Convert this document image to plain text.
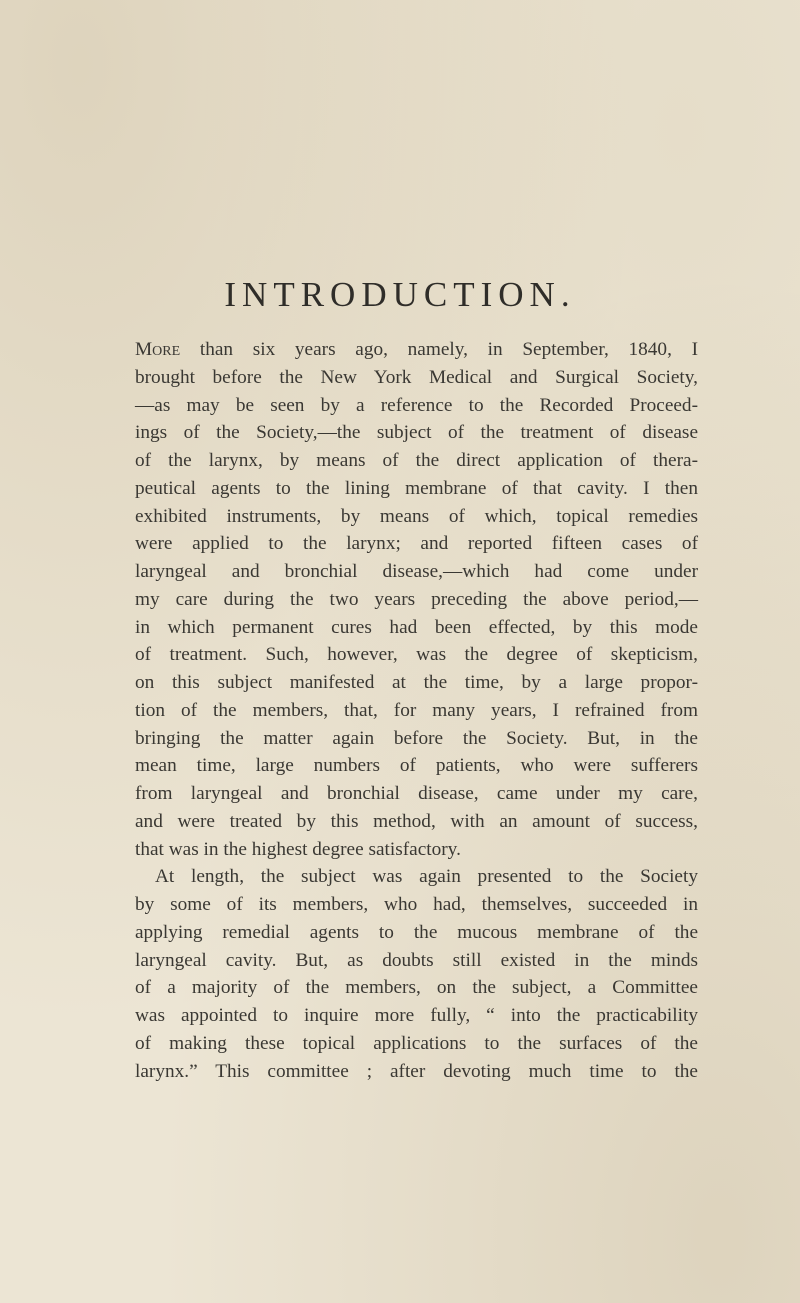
INTRODUCTION.
More than six years ago, namely, in September, 1840, I
brought before the New York Medical and Surgical Society,
—as may be seen by a reference to the Recorded Proceed-
ings of the Society,—the subject of the treatment of disease
of the larynx, by means of the direct application of thera-
peutical agents to the lining membrane of that cavity. I then
exhibited instruments, by means of which, topical remedies
were applied to the larynx; and reported fifteen cases of
laryngeal and bronchial disease,—which had come under
my care during the two years preceding the above period,—
in which permanent cures had been effected, by this mode
of treatment. Such, however, was the degree of skepticism,
on this subject manifested at the time, by a large propor-
tion of the members, that, for many years, I refrained from
bringing the matter again before the Society. But, in the
mean time, large numbers of patients, who were sufferers
from laryngeal and bronchial disease, came under my care,
and were treated by this method, with an amount of success,
that was in the highest degree satisfactory.
At length, the subject was again presented to the Society
by some of its members, who had, themselves, succeeded in
applying remedial agents to the mucous membrane of the
laryngeal cavity. But, as doubts still existed in the minds
of a majority of the members, on the subject, a Committee
was appointed to inquire more fully, “ into the practicability
of making these topical applications to the surfaces of the
larynx.” This committee ; after devoting much time to the
